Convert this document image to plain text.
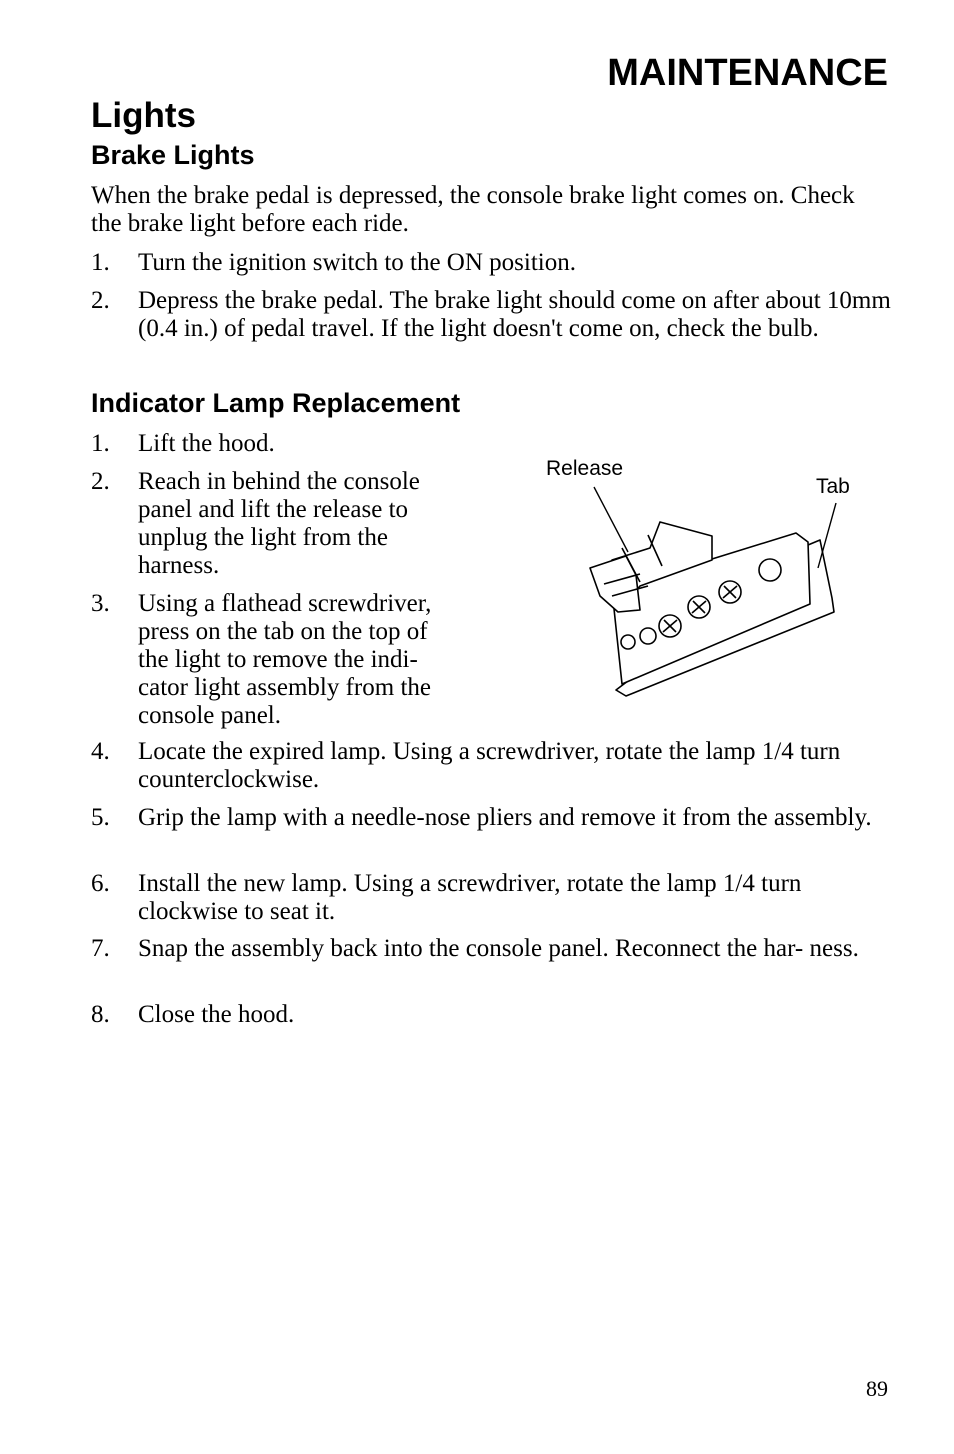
MAINTENANCE
Lights
Brake Lights
When the brake pedal is depressed, the console brake light comes on. Check the brake light before each ride.
1. Turn the ignition switch to the ON position.
2. Depress the brake pedal. The brake light should come on after about 10mm (0.4 in.) of pedal travel. If the light doesn't come on, check the bulb.
Indicator Lamp Replacement
1. Lift the hood.
2. Reach in behind the console panel and lift the release to unplug the light from the harness.
3. Using a flathead screwdriver, press on the tab on the top of the light to remove the indi- cator light assembly from the console panel.
4. Locate the expired lamp. Using a screwdriver, rotate the lamp 1/4 turn counterclockwise.
5. Grip the lamp with a needle-nose pliers and remove it from the assembly.
6. Install the new lamp. Using a screwdriver, rotate the lamp 1/4 turn clockwise to seat it.
7. Snap the assembly back into the console panel. Reconnect the har- ness.
8. Close the hood.
Release
Tab
89
